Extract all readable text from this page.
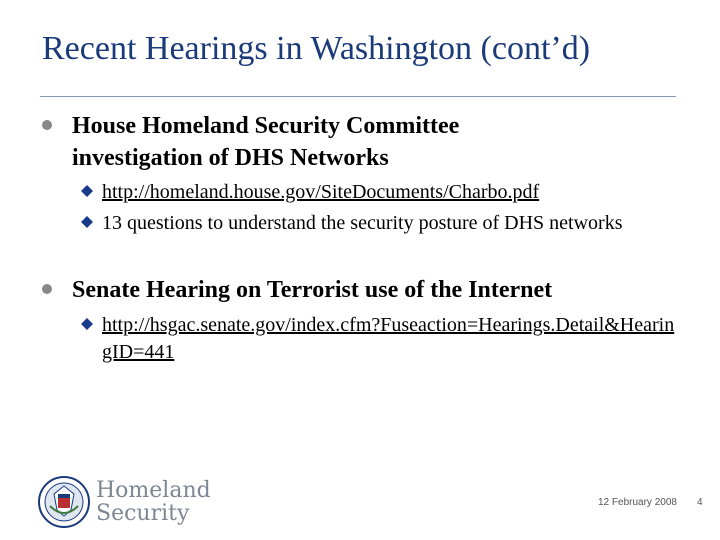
Recent Hearings in Washington (cont’d)
House Homeland Security Committee investigation of DHS Networks
http://homeland.house.gov/SiteDocuments/Charbo.pdf
13 questions to understand the security posture of DHS networks
Senate Hearing on Terrorist use of the Internet
http://hsgac.senate.gov/index.cfm?Fuseaction=Hearings.Detail&HearingID=441
Homeland
Security	12 February 2008 4
